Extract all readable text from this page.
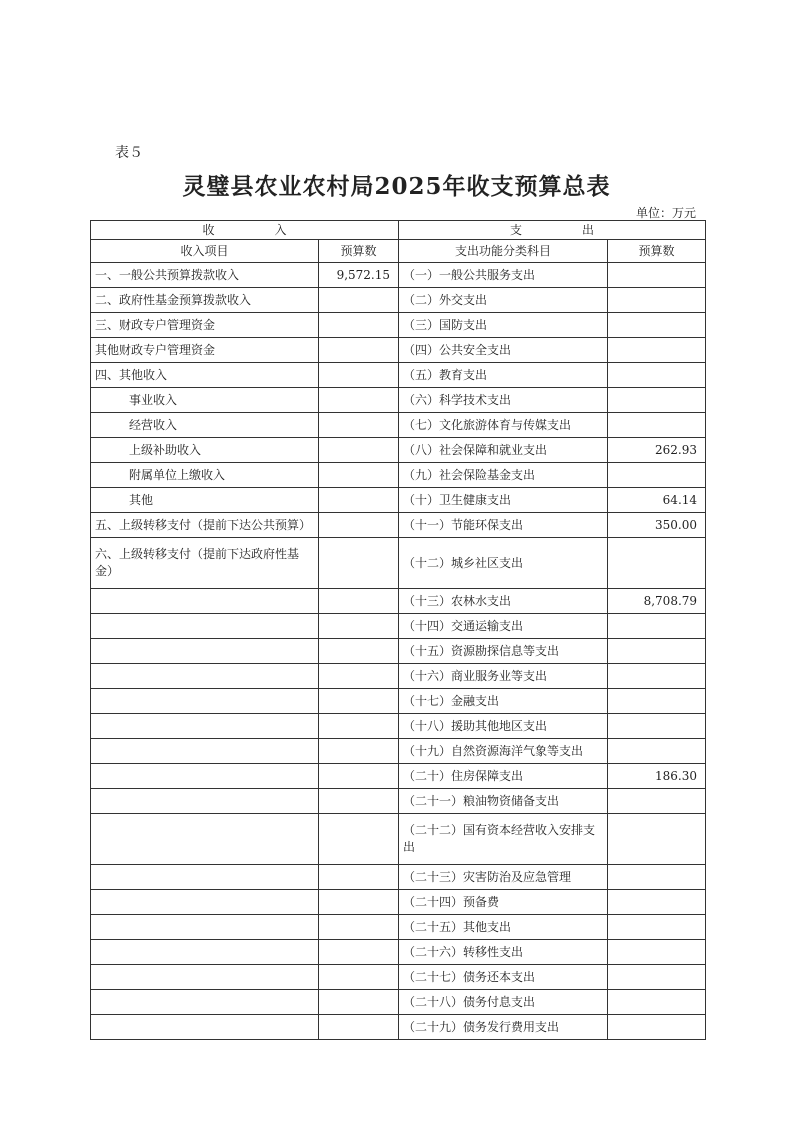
表５
灵璧县农业农村局2025年收支预算总表
单位：万元
收　　　　　入		支　　　　　出	
收入项目	预算数	支出功能分类科目	预算数
一、一般公共预算拨款收入	9,572.15	（一）一般公共服务支出	
二、政府性基金预算拨款收入		（二）外交支出	
三、财政专户管理资金		（三）国防支出	
其他财政专户管理资金		（四）公共安全支出	
四、其他收入		（五）教育支出	
事业收入		（六）科学技术支出	
经营收入		（七）文化旅游体育与传媒支出	
上级补助收入		（八）社会保障和就业支出	262.93
附属单位上缴收入		（九）社会保险基金支出	
其他		（十）卫生健康支出	64.14
五、上级转移支付（提前下达公共预算）		（十一）节能环保支出	350.00
六、上级转移支付（提前下达政府性基金）		（十二）城乡社区支出	
		（十三）农林水支出	8,708.79
		（十四）交通运输支出	
		（十五）资源勘探信息等支出	
		（十六）商业服务业等支出	
		（十七）金融支出	
		（十八）援助其他地区支出	
		（十九）自然资源海洋气象等支出	
		（二十）住房保障支出	186.30
		（二十一）粮油物资储备支出	
		（二十二）国有资本经营收入安排支出	
		（二十三）灾害防治及应急管理	
		（二十四）预备费	
		（二十五）其他支出	
		（二十六）转移性支出	
		（二十七）债务还本支出	
		（二十八）债务付息支出	
		（二十九）债务发行费用支出	
